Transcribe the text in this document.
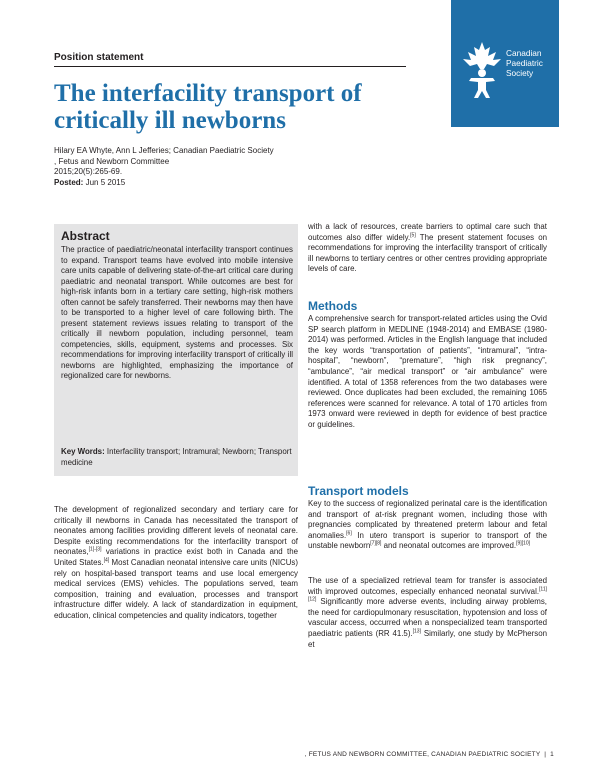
Position statement	Canadian
Paediatric
Society
The interfacility transport of critically ill newborns
Hilary EA Whyte, Ann L Jefferies; Canadian Paediatric Society
, Fetus and Newborn Committee
2015;20(5):265-69.
Posted: Jun 5 2015
Abstract
The practice of paediatric/neonatal interfacility transport continues to expand. Transport teams have evolved into mobile intensive care units capable of delivering state-of-the-art critical care during paediatric and neonatal transport. While outcomes are best for high-risk infants born in a tertiary care setting, high-risk mothers often cannot be safely transferred. Their newborns may then have to be transported to a higher level of care following birth. The present statement reviews issues relating to transport of the critically ill newborn population, including personnel, team competencies, skills, equipment, systems and processes. Six recommendations for improving interfacility transport of critically ill newborns are highlighted, emphasizing the importance of regionalized care for newborns.
Key Words: Interfacility transport; Intramural; Newborn; Transport medicine
The development of regionalized secondary and tertiary care for critically ill newborns in Canada has necessitated the transport of neonates among facilities providing different levels of neonatal care. Despite existing recommendations for the interfacility transport of neonates,[1]-[3] variations in practice exist both in Canada and the United States.[4] Most Canadian neonatal intensive care units (NICUs) rely on hospital-based transport teams and use local emergency medical services (EMS) vehicles. The populations served, team composition, training and evaluation, processes and transport infrastructure differ widely. A lack of standardization in equipment, education, clinical competencies and quality indicators, together
with a lack of resources, create barriers to optimal care such that outcomes also differ widely.[5] The present statement focuses on recommendations for improving the interfacility transport of critically ill newborns to tertiary centres or other centres providing appropriate levels of care.
Methods
A comprehensive search for transport-related articles using the Ovid SP search platform in MEDLINE (1948-2014) and EMBASE (1980-2014) was performed. Articles in the English language that included the key words “transportation of patients”, “intramural”, “intra-hospital”, “newborn”, “premature”, “high risk pregnancy”, “ambulance”, “air medical transport” or “air ambulance” were identified. A total of 1358 references from the two databases were reviewed. Once duplicates had been excluded, the remaining 1065 references were scanned for relevance. A total of 170 articles from 1973 onward were reviewed in depth for evidence of best practice or guidelines.
Transport models
Key to the success of regionalized perinatal care is the identification and transport of at-risk pregnant women, including those with pregnancies complicated by threatened preterm labour and fetal anomalies.[6] In utero transport is superior to transport of the unstable newborn[7][8] and neonatal outcomes are improved.[9][10]
The use of a specialized retrieval team for transfer is associated with improved outcomes, especially enhanced neonatal survival.[11][12] Significantly more adverse events, including airway problems, the need for cardiopulmonary resuscitation, hypotension and loss of vascular access, occurred when a nonspecialized team transported paediatric patients (RR 41.5).[13] Similarly, one study by McPherson et
, FETUS AND NEWBORN COMMITTEE, CANADIAN PAEDIATRIC SOCIETY | 1
